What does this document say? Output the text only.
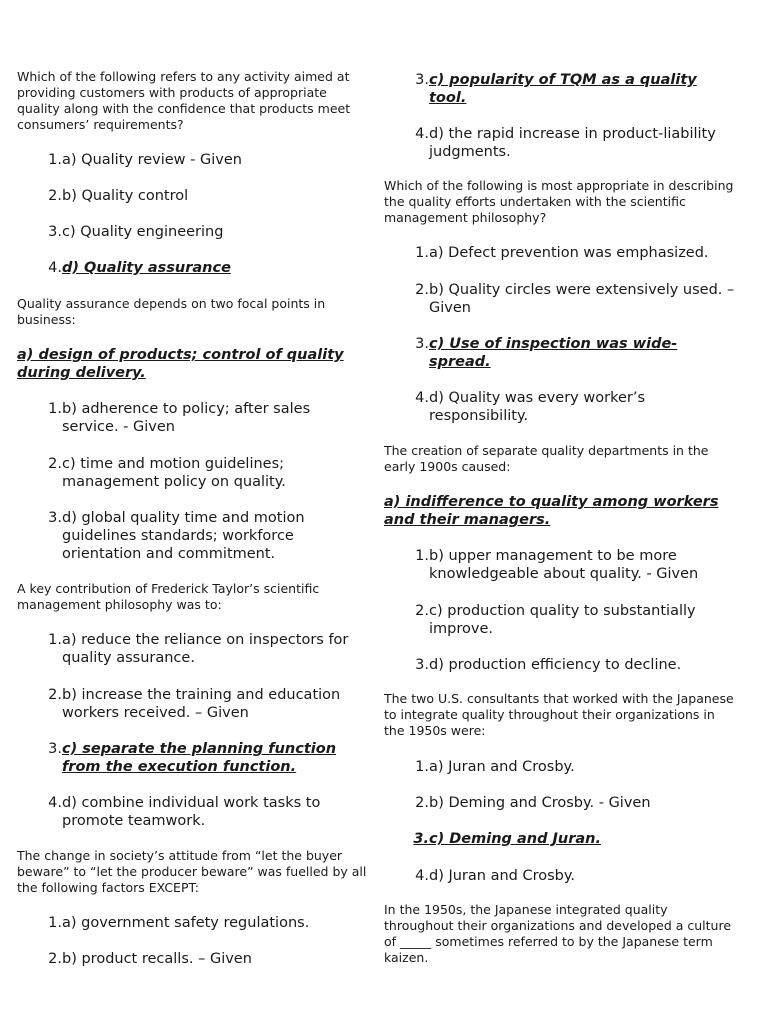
Which of the following refers to any activity aimed at providing customers with products of appropriate quality along with the confidence that products meet consumers’ requirements?

1. a) Quality review - Given
2. b) Quality control
3. c) Quality engineering
4. d) Quality assurance

Quality assurance depends on two focal points in business:

a) design of products; control of quality during delivery.

1. b) adherence to policy; after sales service. - Given
2. c) time and motion guidelines; management policy on quality.
3. d) global quality time and motion guidelines standards; workforce orientation and commitment.

A key contribution of Frederick Taylor’s scientific management philosophy was to:

1. a) reduce the reliance on inspectors for quality assurance.
2. b) increase the training and education workers received. – Given
3. c) separate the planning function from the execution function.
4. d) combine individual work tasks to promote teamwork.

The change in society’s attitude from “let the buyer beware” to “let the producer beware” was fuelled by all the following factors EXCEPT:

1. a) government safety regulations.
2. b) product recalls. – Given
3. c) popularity of TQM as a quality tool.
4. d) the rapid increase in product-liability judgments.

Which of the following is most appropriate in describing the quality efforts undertaken with the scientific management philosophy?

1. a) Defect prevention was emphasized.
2. b) Quality circles were extensively used. – Given
3. c) Use of inspection was wide-spread.
4. d) Quality was every worker’s responsibility.

The creation of separate quality departments in the early 1900s caused:

a) indifference to quality among workers and their managers.

1. b) upper management to be more knowledgeable about quality. - Given
2. c) production quality to substantially improve.
3. d) production efficiency to decline.

The two U.S. consultants that worked with the Japanese to integrate quality throughout their organizations in the 1950s were:

1. a) Juran and Crosby.
2. b) Deming and Crosby. - Given
3. c) Deming and Juran.
4. d) Juran and Crosby.

In the 1950s, the Japanese integrated quality throughout their organizations and developed a culture of _____ sometimes referred to by the Japanese term kaizen.
